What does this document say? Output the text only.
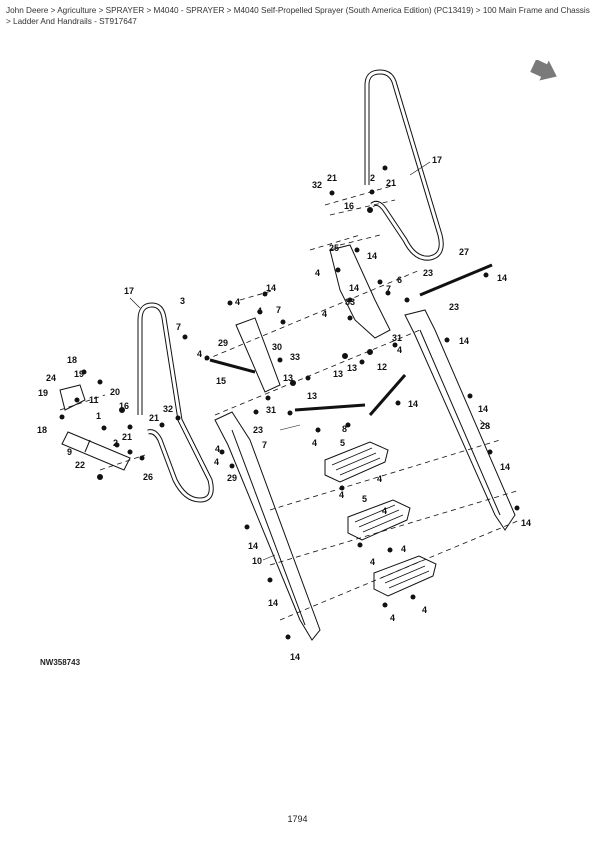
John Deere > Agriculture > SPRAYER > M4040 - SPRAYER > M4040 Self-Propelled Sprayer (South America Edition) (PC13419) > 100 Main Frame and Chassis > Ladder And Handrails - ST917647
17
32
21	2 21
16
25
14
4
27
14
7
23
6
14
33	23
4
31
4
14
13 12
13
17	14
3	4
7
4 7
29	30
4	33
15	13
13
31
14
28
14
8
4
23
4	7
29
4
5
4
14
4
5
4
14
14
10	4
4
14
4
4
14
18
24 19
19	20
11
1
18
16
21
32
21
9
2
22
26
NW358743
1794
